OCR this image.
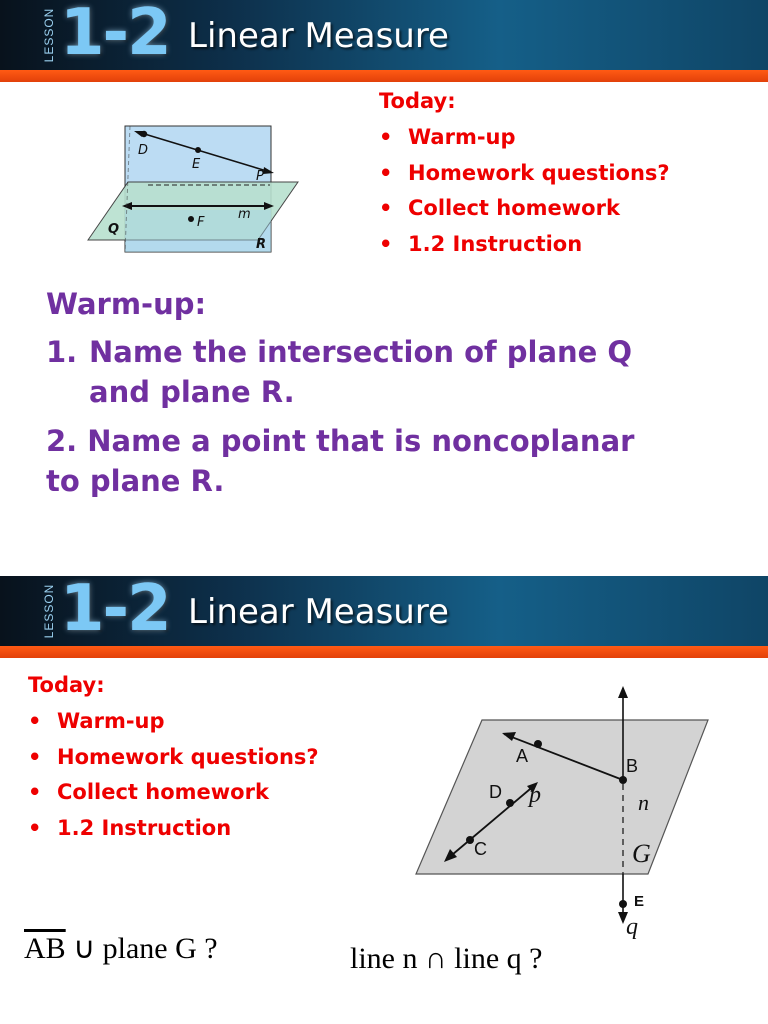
LESSON 1-2 Linear Measure
D
E
P
F
m
Q
R
Today:
• Warm-up
• Homework questions?
• Collect homework
• 1.2 Instruction
Warm-up:
1. Name the intersection of plane Q
and plane R.
2. Name a point that is noncoplanar
to plane R.
LESSON 1-2 Linear Measure
Today:
• Warm-up
• Homework questions?
• Collect homework
• 1.2 Instruction
$\overline{AB}$ ∪ plane G ?	line n ∩ line q ?
A	B
n
D p
C	G
E
q
